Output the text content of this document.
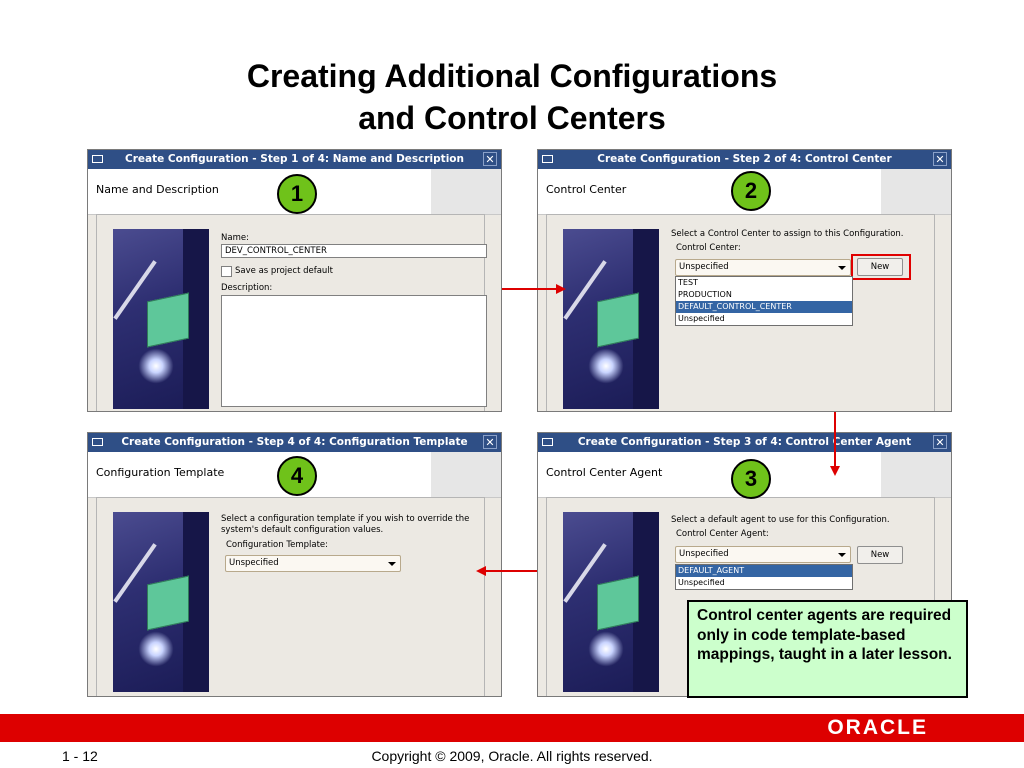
Creating Additional Configurations
and Control Centers
Create Configuration - Step 1 of 4: Name and Description	✕
Name and Description
Name:
DEV_CONTROL_CENTER
Save as project default
Description:
Create Configuration - Step 2 of 4: Control Center	✕
Control Center
Select a Control Center to assign to this Configuration.
Control Center:
Unspecified	New
TEST
PRODUCTION
DEFAULT_CONTROL_CENTER
Unspecified
Create Configuration - Step 4 of 4: Configuration Template	✕
Configuration Template
Select a configuration template if you wish to override the
system's default configuration values.
Configuration Template:
Unspecified
Create Configuration - Step 3 of 4: Control Center Agent	✕
Control Center Agent
Select a default agent to use for this Configuration.
Control Center Agent:
Unspecified	New
DEFAULT_AGENT
Unspecified
1	2
3
4
Control center agents are required only in code template-based mappings, taught in a later lesson.
ORACLE
1 - 12	Copyright © 2009, Oracle. All rights reserved.
